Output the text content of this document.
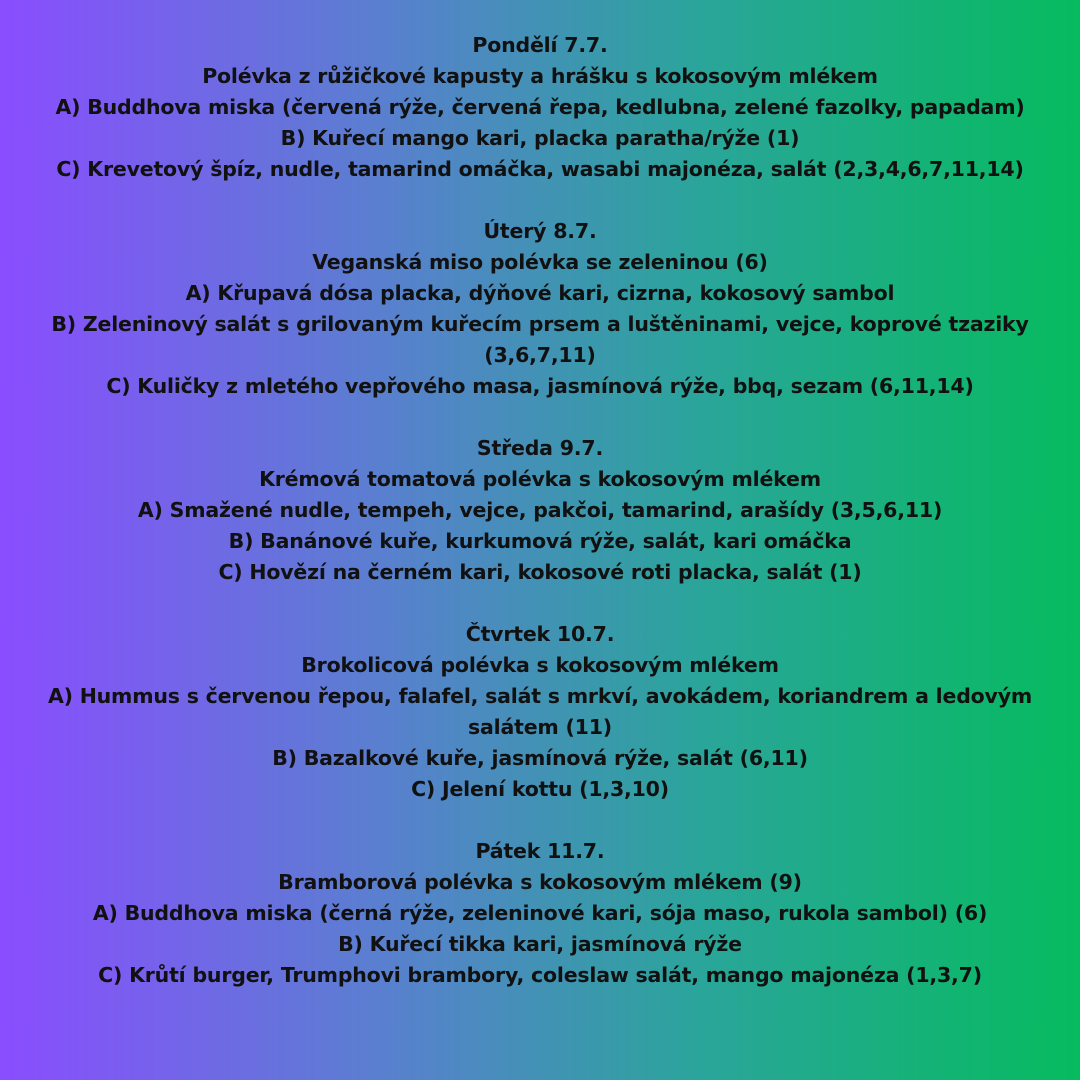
Pondělí 7.7.
Polévka z růžičkové kapusty a hrášku s kokosovým mlékem
A) Buddhova miska (červená rýže, červená řepa, kedlubna, zelené fazolky, papadam)
B) Kuřecí mango kari, placka paratha/rýže (1)
C) Krevetový špíz, nudle, tamarind omáčka, wasabi majonéza, salát (2,3,4,6,7,11,14)
Úterý 8.7.
Veganská miso polévka se zeleninou (6)
A) Křupavá dósa placka, dýňové kari, cizrna, kokosový sambol
B) Zeleninový salát s grilovaným kuřecím prsem a luštěninami, vejce, koprové tzaziky (3,6,7,11)
C) Kuličky z mletého vepřového masa, jasmínová rýže, bbq, sezam (6,11,14)
Středa 9.7.
Krémová tomatová polévka s kokosovým mlékem
A) Smažené nudle, tempeh, vejce, pakčoi, tamarind, arašídy (3,5,6,11)
B) Banánové kuře, kurkumová rýže, salát, kari omáčka
C) Hovězí na černém kari, kokosové roti placka, salát (1)
Čtvrtek 10.7.
Brokolicová polévka s kokosovým mlékem
A) Hummus s červenou řepou, falafel, salát s mrkví, avokádem, koriandrem a ledovým salátem (11)
B) Bazalkové kuře, jasmínová rýže, salát (6,11)
C) Jelení kottu (1,3,10)
Pátek 11.7.
Bramborová polévka s kokosovým mlékem (9)
A) Buddhova miska (černá rýže, zeleninové kari, sója maso, rukola sambol) (6)
B) Kuřecí tikka kari, jasmínová rýže
C) Krůtí burger, Trumphovi brambory, coleslaw salát, mango majonéza (1,3,7)
